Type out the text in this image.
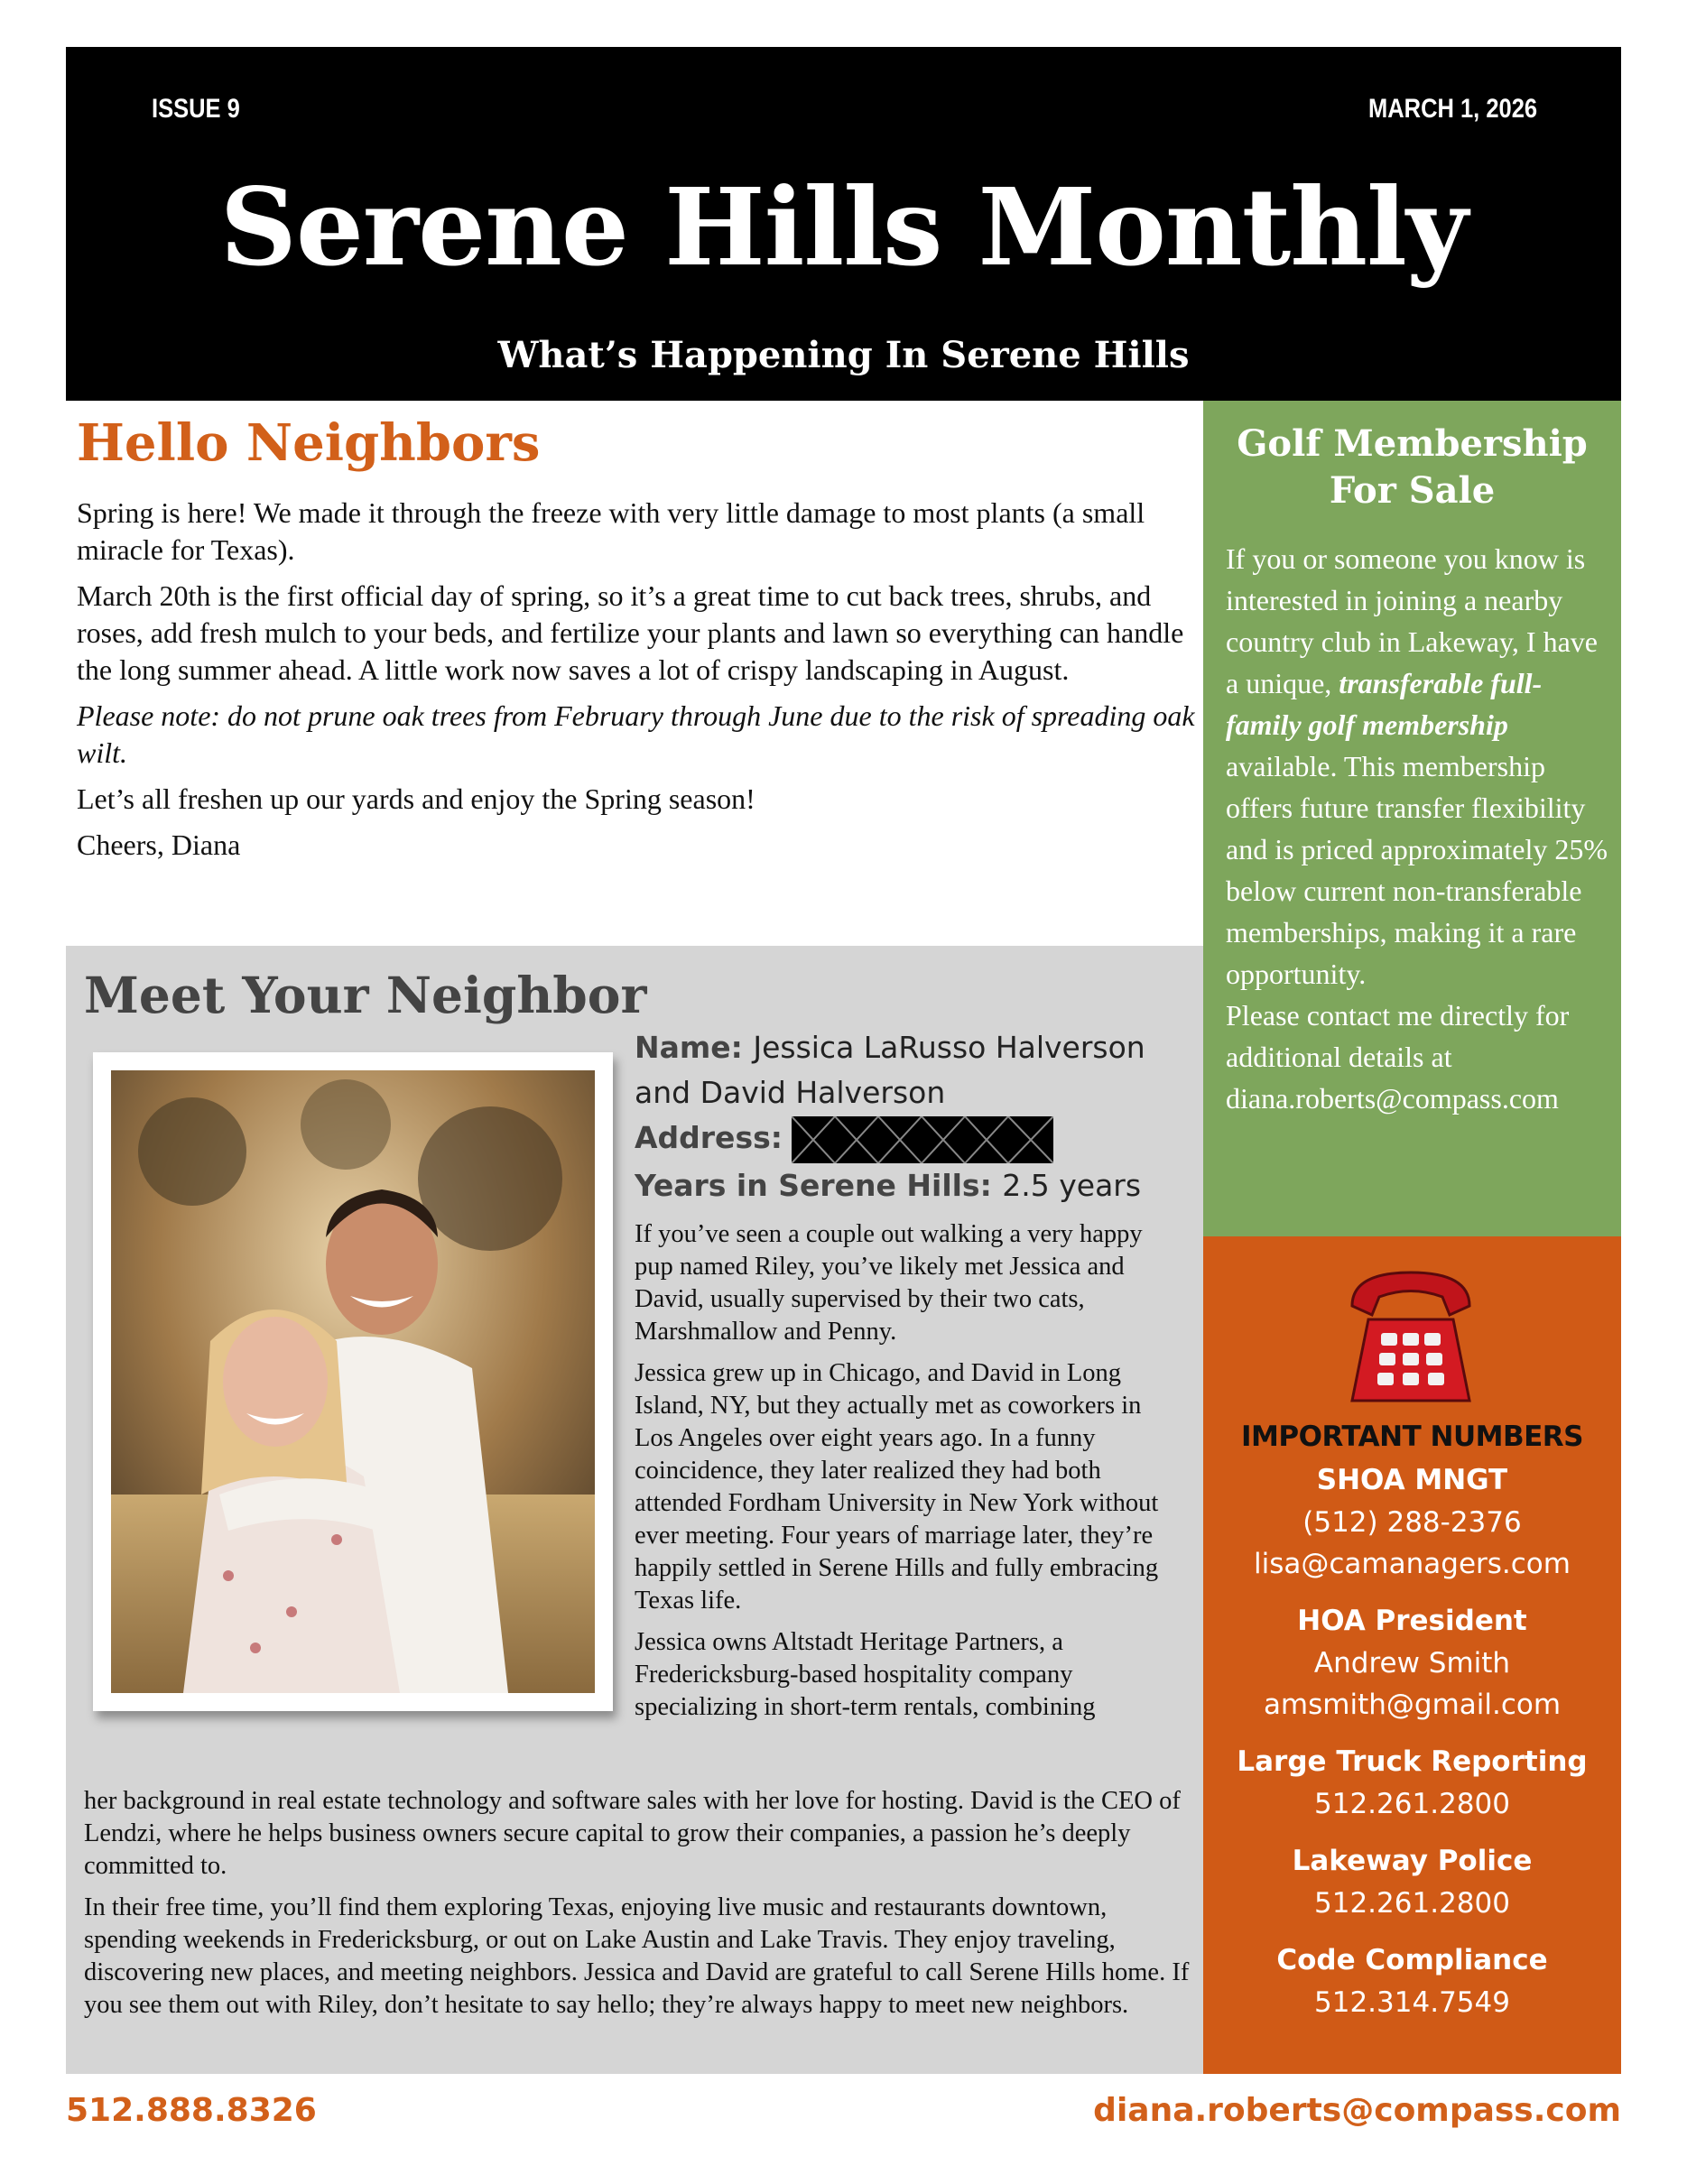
ISSUE 9	MARCH 1, 2026
Serene Hills Monthly
What’s Happening In Serene Hills
Hello Neighbors

Spring is here! We made it through the freeze with very little damage to most plants (a small miracle for Texas).

March 20th is the first official day of spring, so it’s a great time to cut back trees, shrubs, and roses, add fresh mulch to your beds, and fertilize your plants and lawn so everything can handle the long summer ahead. A little work now saves a lot of crispy landscaping in August.

Please note: do not prune oak trees from February through June due to the risk of spreading oak wilt.

Let’s all freshen up our yards and enjoy the Spring season!

Cheers, Diana

Meet Your Neighbor
Name: Jessica LaRusso Halverson and David Halverson
Address:
Years in Serene Hills: 2.5 years

If you’ve seen a couple out walking a very happy pup named Riley, you’ve likely met Jessica and David, usually supervised by their two cats, Marshmallow and Penny.

Jessica grew up in Chicago, and David in Long Island, NY, but they actually met as coworkers in Los Angeles over eight years ago. In a funny coincidence, they later realized they had both attended Fordham University in New York without ever meeting. Four years of marriage later, they’re happily settled in Serene Hills and fully embracing Texas life.

Jessica owns Altstadt Heritage Partners, a Fredericksburg-based hospitality company specializing in short-term rentals, combining

her background in real estate technology and software sales with her love for hosting. David is the CEO of Lendzi, where he helps business owners secure capital to grow their companies, a passion he’s deeply committed to.

In their free time, you’ll find them exploring Texas, enjoying live music and restaurants downtown, spending weekends in Fredericksburg, or out on Lake Austin and Lake Travis. They enjoy traveling, discovering new places, and meeting neighbors. Jessica and David are grateful to call Serene Hills home. If you see them out with Riley, don’t hesitate to say hello; they’re always happy to meet new neighbors.

Golf Membership For Sale

If you or someone you know is interested in joining a nearby country club in Lakeway, I have a unique, transferable full-family golf membership available. This membership offers future transfer flexibility and is priced approximately 25% below current non-transferable memberships, making it a rare opportunity.

Please contact me directly for additional details at diana.roberts@compass.com

IMPORTANT NUMBERS
SHOA MNGT
(512) 288-2376
lisa@camanagers.com
HOA President
Andrew Smith
amsmith@gmail.com
Large Truck Reporting
512.261.2800
Lakeway Police
512.261.2800
Code Compliance
512.314.7549
512.888.8326	diana.roberts@compass.com
